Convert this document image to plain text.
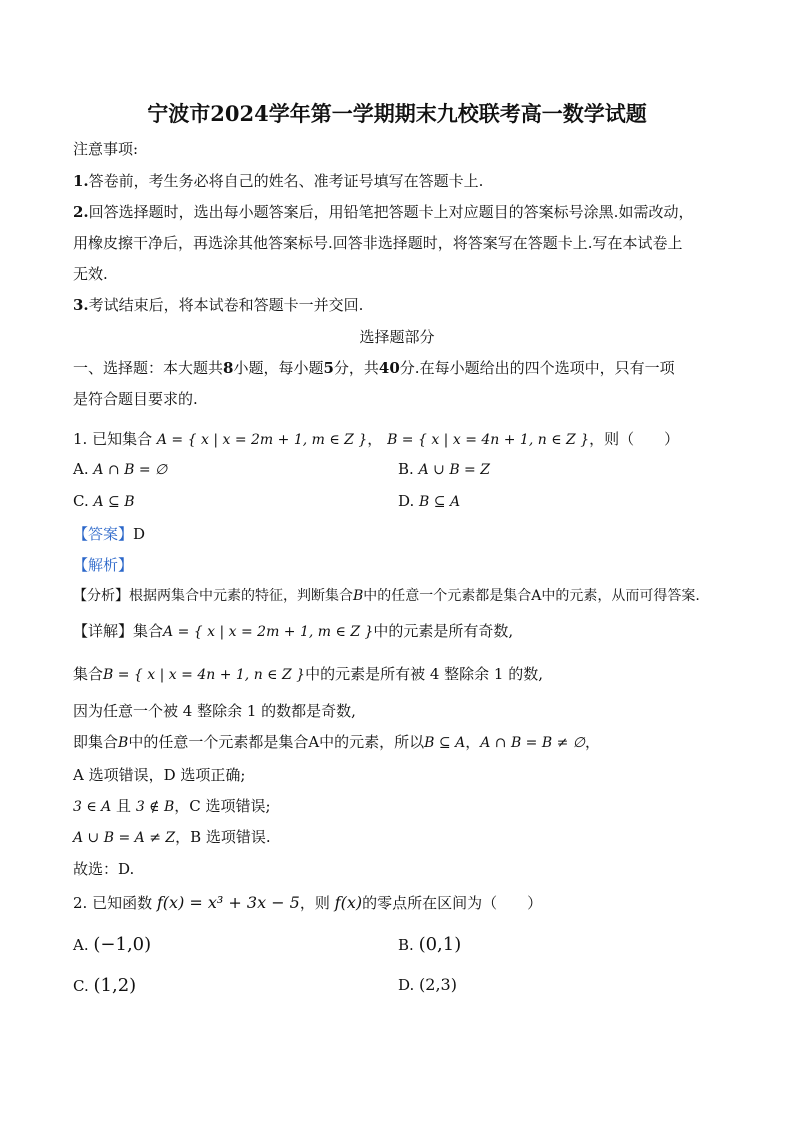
宁波市2024学年第一学期期末九校联考高一数学试题
注意事项:
1.答卷前，考生务必将自己的姓名、准考证号填写在答题卡上.
2.回答选择题时，选出每小题答案后，用铅笔把答题卡上对应题目的答案标号涂黑.如需改动，
用橡皮擦干净后，再选涂其他答案标号.回答非选择题时，将答案写在答题卡上.写在本试卷上
无效.
3.考试结束后，将本试卷和答题卡一并交回.
选择题部分
一、选择题：本大题共8小题，每小题5分，共40分.在每小题给出的四个选项中，只有一项
是符合题目要求的.
1. 已知集合 A = { x | x = 2m + 1, m ∈ Z }， B = { x | x = 4n + 1, n ∈ Z }，则（　　）
A. A ∩ B = ∅	B. A ∪ B = Z
C. A ⊆ B	D. B ⊆ A
【答案】D
【解析】
【分析】根据两集合中元素的特征，判断集合B中的任意一个元素都是集合A中的元素，从而可得答案.
【详解】集合A = { x | x = 2m + 1, m ∈ Z }中的元素是所有奇数,
集合B = { x | x = 4n + 1, n ∈ Z }中的元素是所有被 4 整除余 1 的数,
因为任意一个被 4 整除余 1 的数都是奇数,
即集合B中的任意一个元素都是集合A中的元素，所以B ⊆ A，A ∩ B = B ≠ ∅，
A 选项错误，D 选项正确;
3 ∈ A 且 3 ∉ B，C 选项错误;
A ∪ B = A ≠ Z，B 选项错误.
故选：D.
2. 已知函数 f(x) = x³ + 3x − 5，则 f(x)的零点所在区间为（　　）
A. (−1,0)	B. (0,1)
C. (1,2)	D. (2,3)
